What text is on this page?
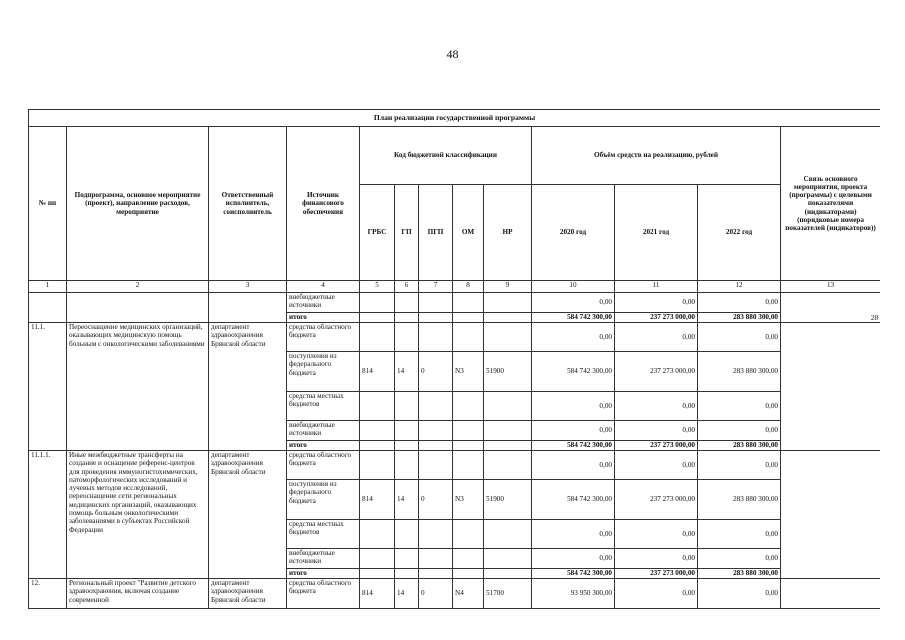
48
План реализации государственной программы												
№ пп	Подпрограмма, основное мероприятие (проект), направление расходов, мероприятие	Ответственный исполнитель, соисполнитель	Источник финансового обеспечения	Код бюджетной классификации					Объём средств на реализацию, рублей			Связь основного мероприятия, проекта (программы) с целевыми показателями (индикаторами) (порядковые номера показателей (индикаторов))
				ГРБС	ГП	ПГП	ОМ	НР	2020 год	2021 год	2022 год	
1	2	3	4	5	6	7	8	9	10	11	12	13
			внебюджетные источники						0,00	0,00	0,00	28
			итого						584 742 300,00	237 273 000,00	283 880 300,00	
11.1.	Переоснащение медицинских организаций, оказывающих медицинскую помощь больным с онкологическими заболеваниями	департамент здравоохранения Брянской области	средства областного бюджета						0,00	0,00	0,00	
			поступления из федерального бюджета	814	14	0	N3	51900	584 742 300,00	237 273 000,00	283 880 300,00	
			средства местных бюджетов						0,00	0,00	0,00	
			внебюджетные источники						0,00	0,00	0,00	
			итого						584 742 300,00	237 273 000,00	283 880 300,00	
11.1.1.	Иные межбюджетные трансферты на создание и оснащение референс-центров для проведения иммуногистохимических, патоморфологических исследований и лучевых методов исследований, переоснащение сети региональных медицинских организаций, оказывающих помощь больным онкологическими заболеваниями в субъектах Российской Федерации	департамент здравоохранения Брянской области	средства областного бюджета						0,00	0,00	0,00	
			поступления из федерального бюджета	814	14	0	N3	51900	584 742 300,00	237 273 000,00	283 880 300,00	
			средства местных бюджетов						0,00	0,00	0,00	
			внебюджетные источники						0,00	0,00	0,00	
			итого						584 742 300,00	237 273 000,00	283 880 300,00	
12.	Региональный проект "Развитие детского здравоохранения, включая создание современной	департамент здравоохранения Брянской области	средства областного бюджета	814	14	0	N4	51700	93 950 300,00	0,00	0,00	
